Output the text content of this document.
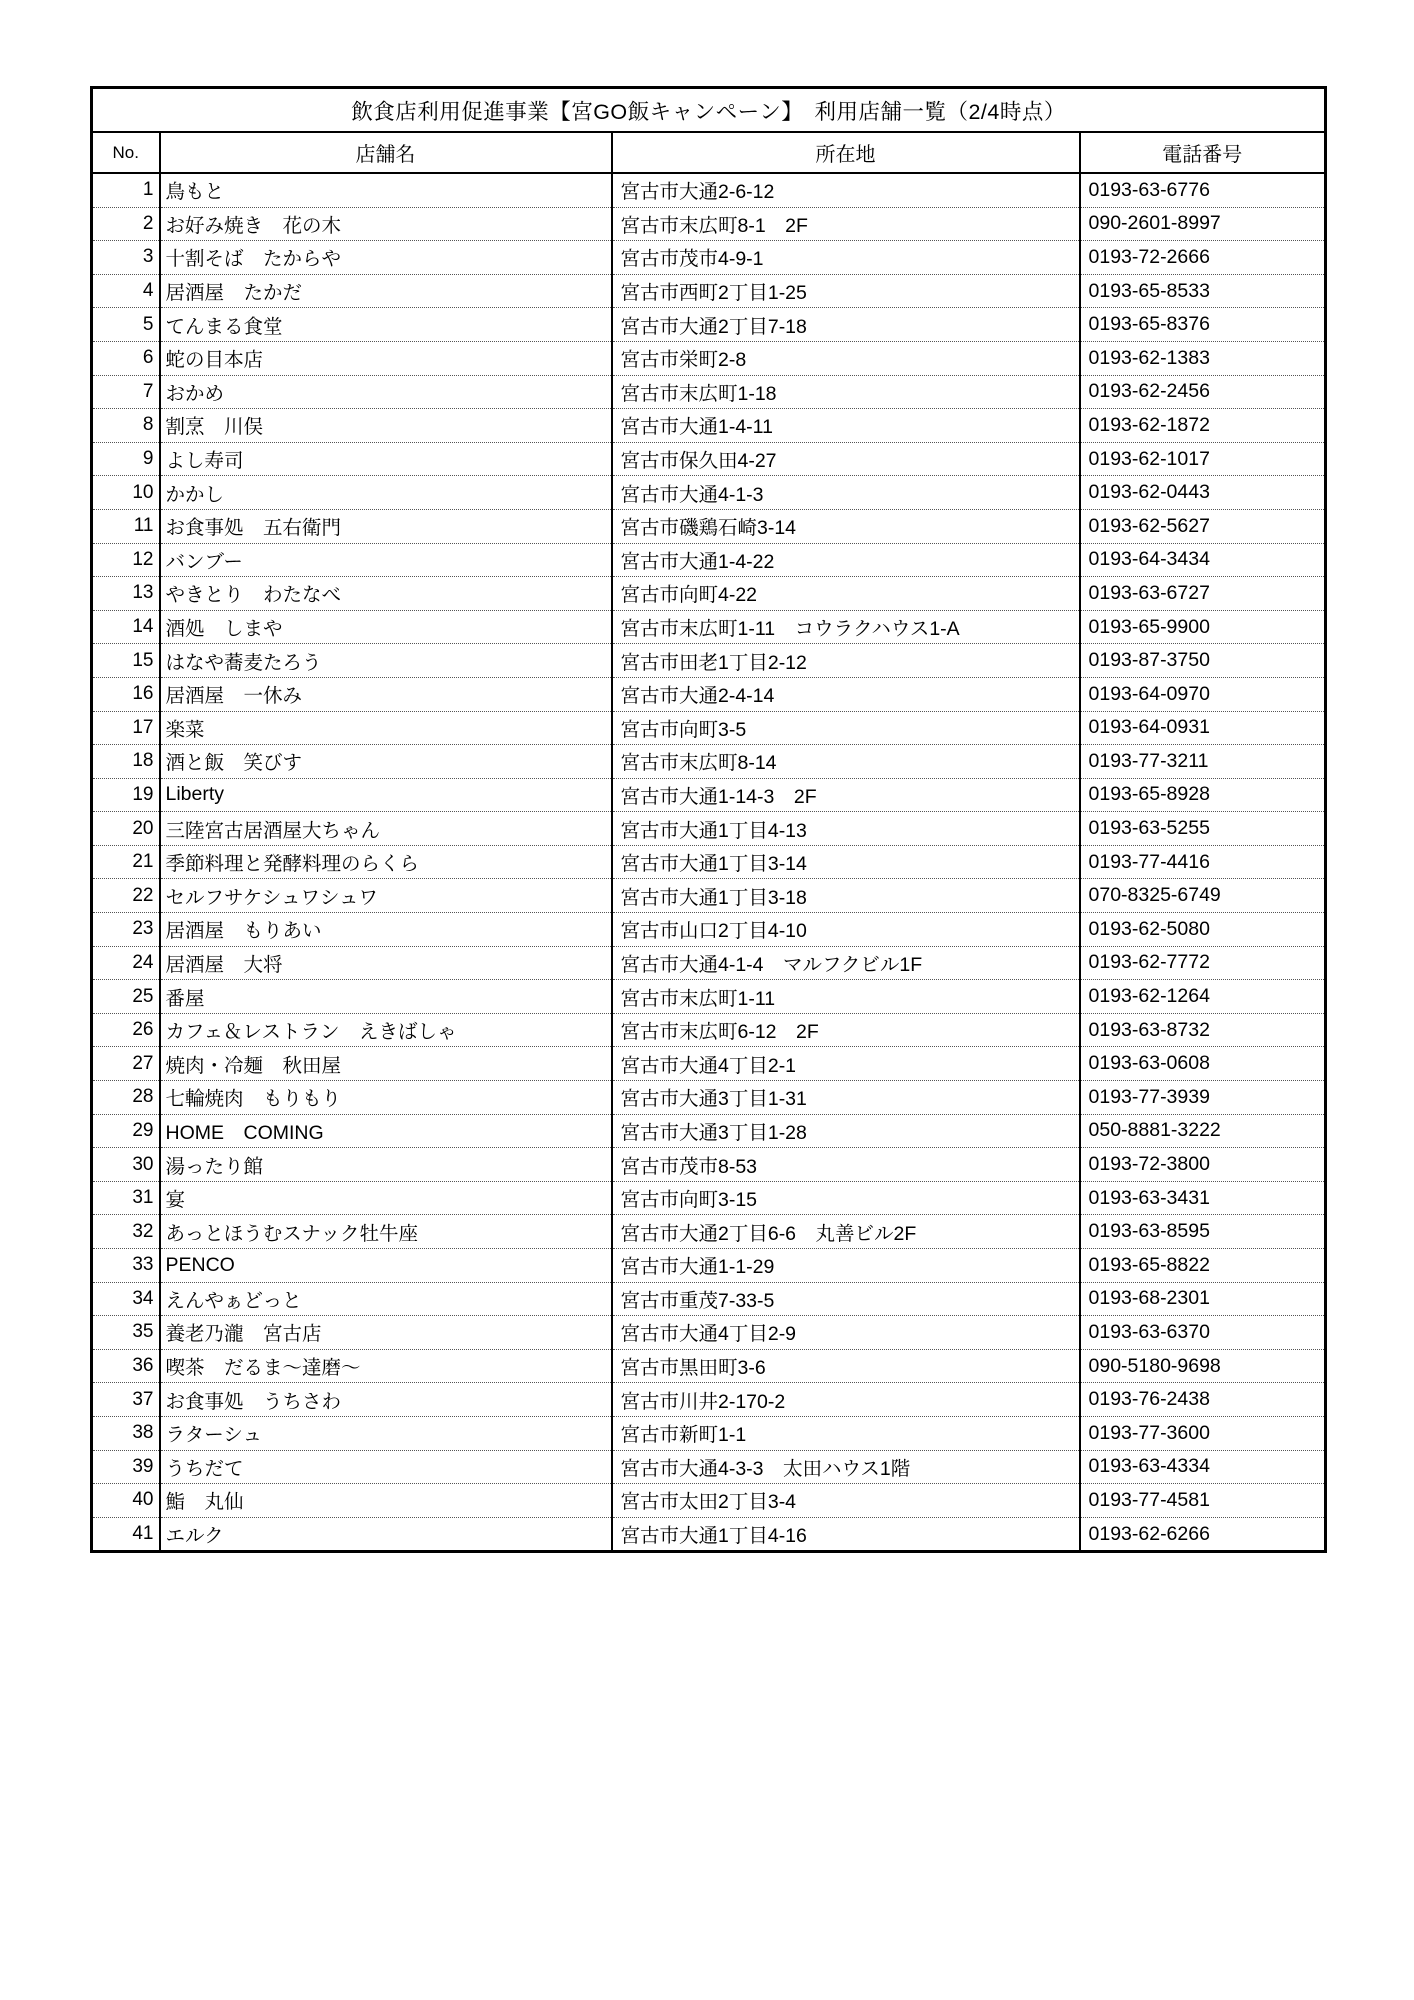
飲食店利用促進事業【宮GO飯キャンペーン】　利用店舗一覧（2/4時点）			
No.	店舗名	所在地	電話番号
1	鳥もと	宮古市大通2-6-12	0193-63-6776
2	お好み焼き　花の木	宮古市末広町8-1　2F	090-2601-8997
3	十割そば　たからや	宮古市茂市4-9-1	0193-72-2666
4	居酒屋　たかだ	宮古市西町2丁目1-25	0193-65-8533
5	てんまる食堂	宮古市大通2丁目7-18	0193-65-8376
6	蛇の目本店	宮古市栄町2-8	0193-62-1383
7	おかめ	宮古市末広町1-18	0193-62-2456
8	割烹　川俣	宮古市大通1-4-11	0193-62-1872
9	よし寿司	宮古市保久田4-27	0193-62-1017
10	かかし	宮古市大通4-1-3	0193-62-0443
11	お食事処　五右衛門	宮古市磯鶏石崎3-14	0193-62-5627
12	バンブー	宮古市大通1-4-22	0193-64-3434
13	やきとり　わたなべ	宮古市向町4-22	0193-63-6727
14	酒処　しまや	宮古市末広町1-11　コウラクハウス1-A	0193-65-9900
15	はなや蕎麦たろう	宮古市田老1丁目2-12	0193-87-3750
16	居酒屋　一休み	宮古市大通2-4-14	0193-64-0970
17	楽菜	宮古市向町3-5	0193-64-0931
18	酒と飯　笑びす	宮古市末広町8-14	0193-77-3211
19	Liberty	宮古市大通1-14-3　2F	0193-65-8928
20	三陸宮古居酒屋大ちゃん	宮古市大通1丁目4-13	0193-63-5255
21	季節料理と発酵料理のらくら	宮古市大通1丁目3-14	0193-77-4416
22	セルフサケシュワシュワ	宮古市大通1丁目3-18	070-8325-6749
23	居酒屋　もりあい	宮古市山口2丁目4-10	0193-62-5080
24	居酒屋　大将	宮古市大通4-1-4　マルフクビル1F	0193-62-7772
25	番屋	宮古市末広町1-11	0193-62-1264
26	カフェ＆レストラン　えきばしゃ	宮古市末広町6-12　2F	0193-63-8732
27	焼肉・冷麺　秋田屋	宮古市大通4丁目2-1	0193-63-0608
28	七輪焼肉　もりもり	宮古市大通3丁目1-31	0193-77-3939
29	HOME　COMING	宮古市大通3丁目1-28	050-8881-3222
30	湯ったり館	宮古市茂市8-53	0193-72-3800
31	宴	宮古市向町3-15	0193-63-3431
32	あっとほうむスナック牡牛座	宮古市大通2丁目6-6　丸善ビル2F	0193-63-8595
33	PENCO	宮古市大通1-1-29	0193-65-8822
34	えんやぁどっと	宮古市重茂7-33-5	0193-68-2301
35	養老乃瀧　宮古店	宮古市大通4丁目2-9	0193-63-6370
36	喫茶　だるま〜達磨〜	宮古市黒田町3-6	090-5180-9698
37	お食事処　うちさわ	宮古市川井2-170-2	0193-76-2438
38	ラターシュ	宮古市新町1-1	0193-77-3600
39	うちだて	宮古市大通4-3-3　太田ハウス1階	0193-63-4334
40	鮨　丸仙	宮古市太田2丁目3-4	0193-77-4581
41	エルク	宮古市大通1丁目4-16	0193-62-6266
